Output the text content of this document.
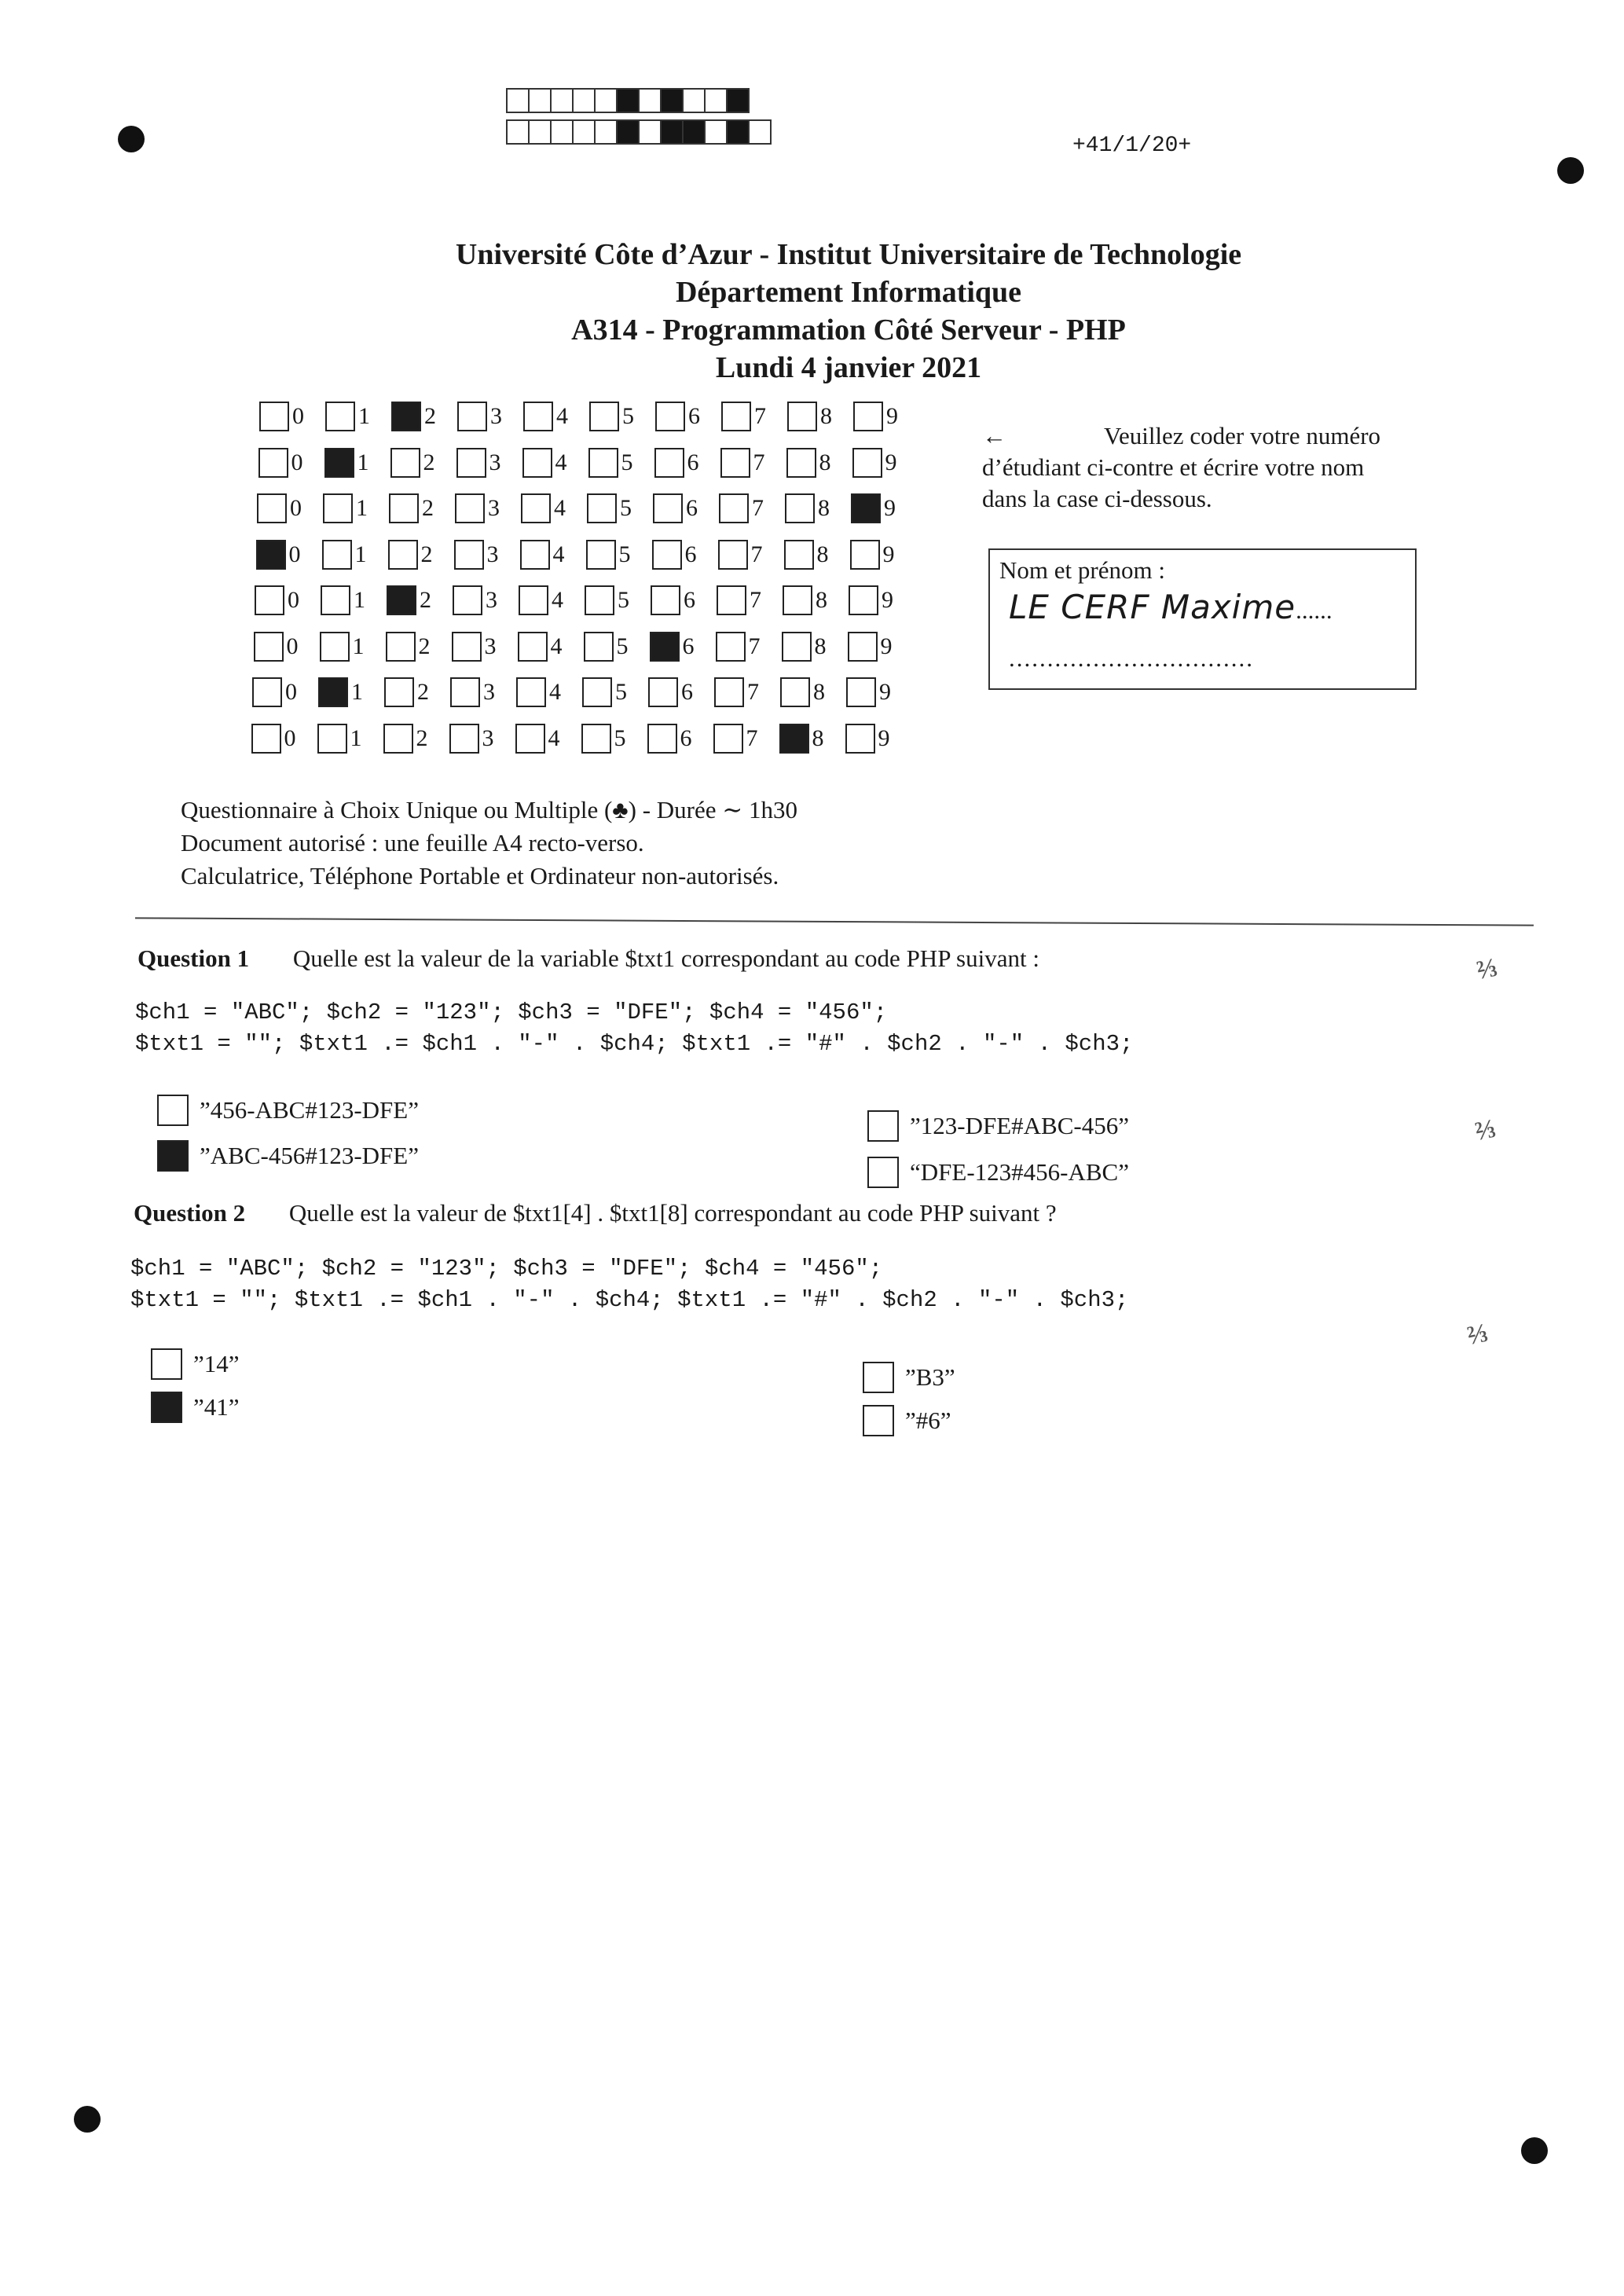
+41/1/20+
Université Côte d’Azur - Institut Universitaire de Technologie
Département Informatique
A314 - Programmation Côté Serveur - PHP
Lundi 4 janvier 2021
0 1 2 3 4 5 6 7 8 9
0 1 2 3 4 5 6 7 8 9
0 1 2 3 4 5 6 7 8 9
0 1 2 3 4 5 6 7 8 9
0 1 2 3 4 5 6 7 8 9
0 1 2 3 4 5 6 7 8 9
0 1 2 3 4 5 6 7 8 9
0 1 2 3 4 5 6 7 8 9
←	Veuillez coder votre numéro
d’étudiant ci-contre et écrire votre nom
dans la case ci-dessous.
Nom et prénom :
LE CERF Maxime......
................................
Questionnaire à Choix Unique ou Multiple (♣) - Durée ∼ 1h30
Document autorisé : une feuille A4 recto-verso.
Calculatrice, Téléphone Portable et Ordinateur non-autorisés.
Question 1 Quelle est la valeur de la variable $txt1 correspondant au code PHP suivant :
$ch1 = "ABC"; $ch2 = "123"; $ch3 = "DFE"; $ch4 = "456";
$txt1 = ""; $txt1 .= $ch1 . "-" . $ch4; $txt1 .= "#" . $ch2 . "-" . $ch3;
”456-ABC#123-DFE”
”ABC-456#123-DFE”
”123-DFE#ABC-456”
“DFE-123#456-ABC”
Question 2 Quelle est la valeur de $txt1[4] . $txt1[8] correspondant au code PHP suivant ?
$ch1 = "ABC"; $ch2 = "123"; $ch3 = "DFE"; $ch4 = "456";
$txt1 = ""; $txt1 .= $ch1 . "-" . $ch4; $txt1 .= "#" . $ch2 . "-" . $ch3;
”14”
”41”
”B3”
”#6”
⅔
⅔
⅔
